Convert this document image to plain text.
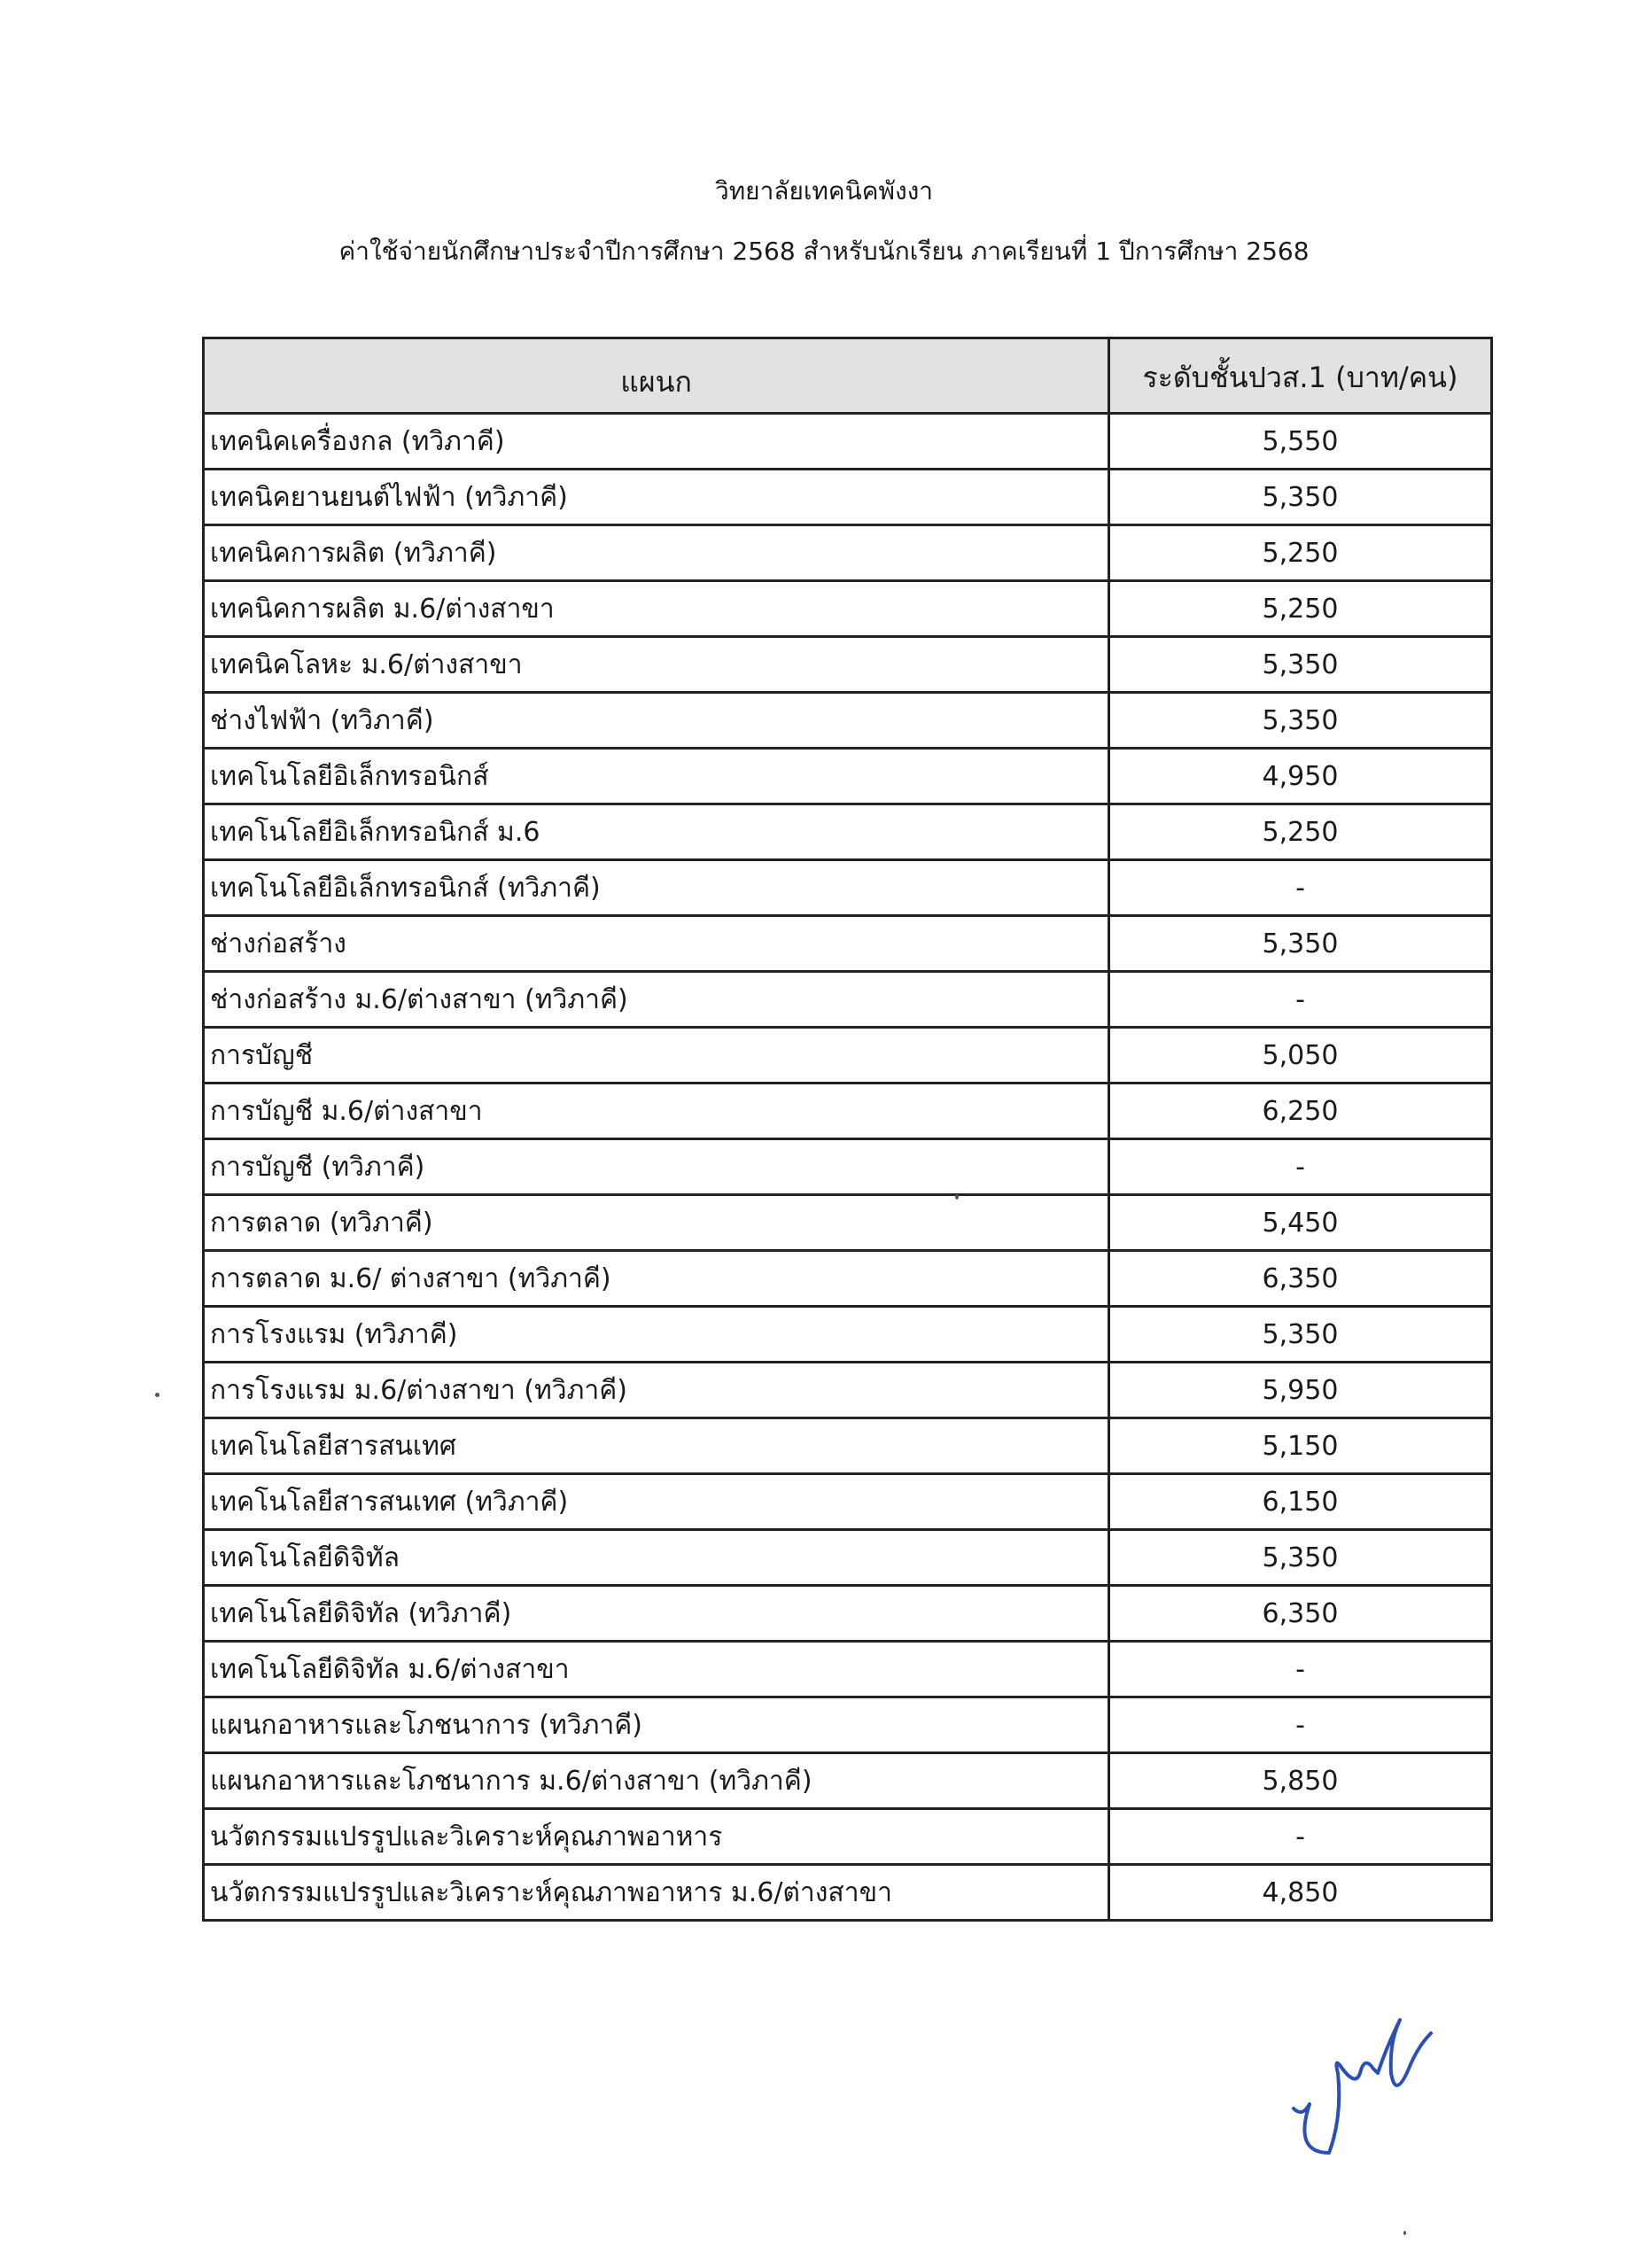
วิทยาลัยเทคนิคพังงา
ค่าใช้จ่ายนักศึกษาประจำปีการศึกษา 2568 สำหรับนักเรียน ภาคเรียนที่ 1 ปีการศึกษา 2568
แผนก	ระดับชั้นปวส.1 (บาท/คน)
เทคนิคเครื่องกล (ทวิภาคี)	5,550
เทคนิคยานยนต์ไฟฟ้า (ทวิภาคี)	5,350
เทคนิคการผลิต (ทวิภาคี)	5,250
เทคนิคการผลิต ม.6/ต่างสาขา	5,250
เทคนิคโลหะ ม.6/ต่างสาขา	5,350
ช่างไฟฟ้า (ทวิภาคี)	5,350
เทคโนโลยีอิเล็กทรอนิกส์	4,950
เทคโนโลยีอิเล็กทรอนิกส์ ม.6	5,250
เทคโนโลยีอิเล็กทรอนิกส์ (ทวิภาคี)	-
ช่างก่อสร้าง	5,350
ช่างก่อสร้าง ม.6/ต่างสาขา (ทวิภาคี)	-
การบัญชี	5,050
การบัญชี ม.6/ต่างสาขา	6,250
การบัญชี (ทวิภาคี)	-
การตลาด (ทวิภาคี)	5,450
การตลาด ม.6/ ต่างสาขา (ทวิภาคี)	6,350
การโรงแรม (ทวิภาคี)	5,350
การโรงแรม ม.6/ต่างสาขา (ทวิภาคี)	5,950
เทคโนโลยีสารสนเทศ	5,150
เทคโนโลยีสารสนเทศ (ทวิภาคี)	6,150
เทคโนโลยีดิจิทัล	5,350
เทคโนโลยีดิจิทัล (ทวิภาคี)	6,350
เทคโนโลยีดิจิทัล ม.6/ต่างสาขา	-
แผนกอาหารและโภชนาการ (ทวิภาคี)	-
แผนกอาหารและโภชนาการ ม.6/ต่างสาขา (ทวิภาคี)	5,850
นวัตกรรมแปรรูปและวิเคราะห์คุณภาพอาหาร	-
นวัตกรรมแปรรูปและวิเคราะห์คุณภาพอาหาร ม.6/ต่างสาขา	4,850
